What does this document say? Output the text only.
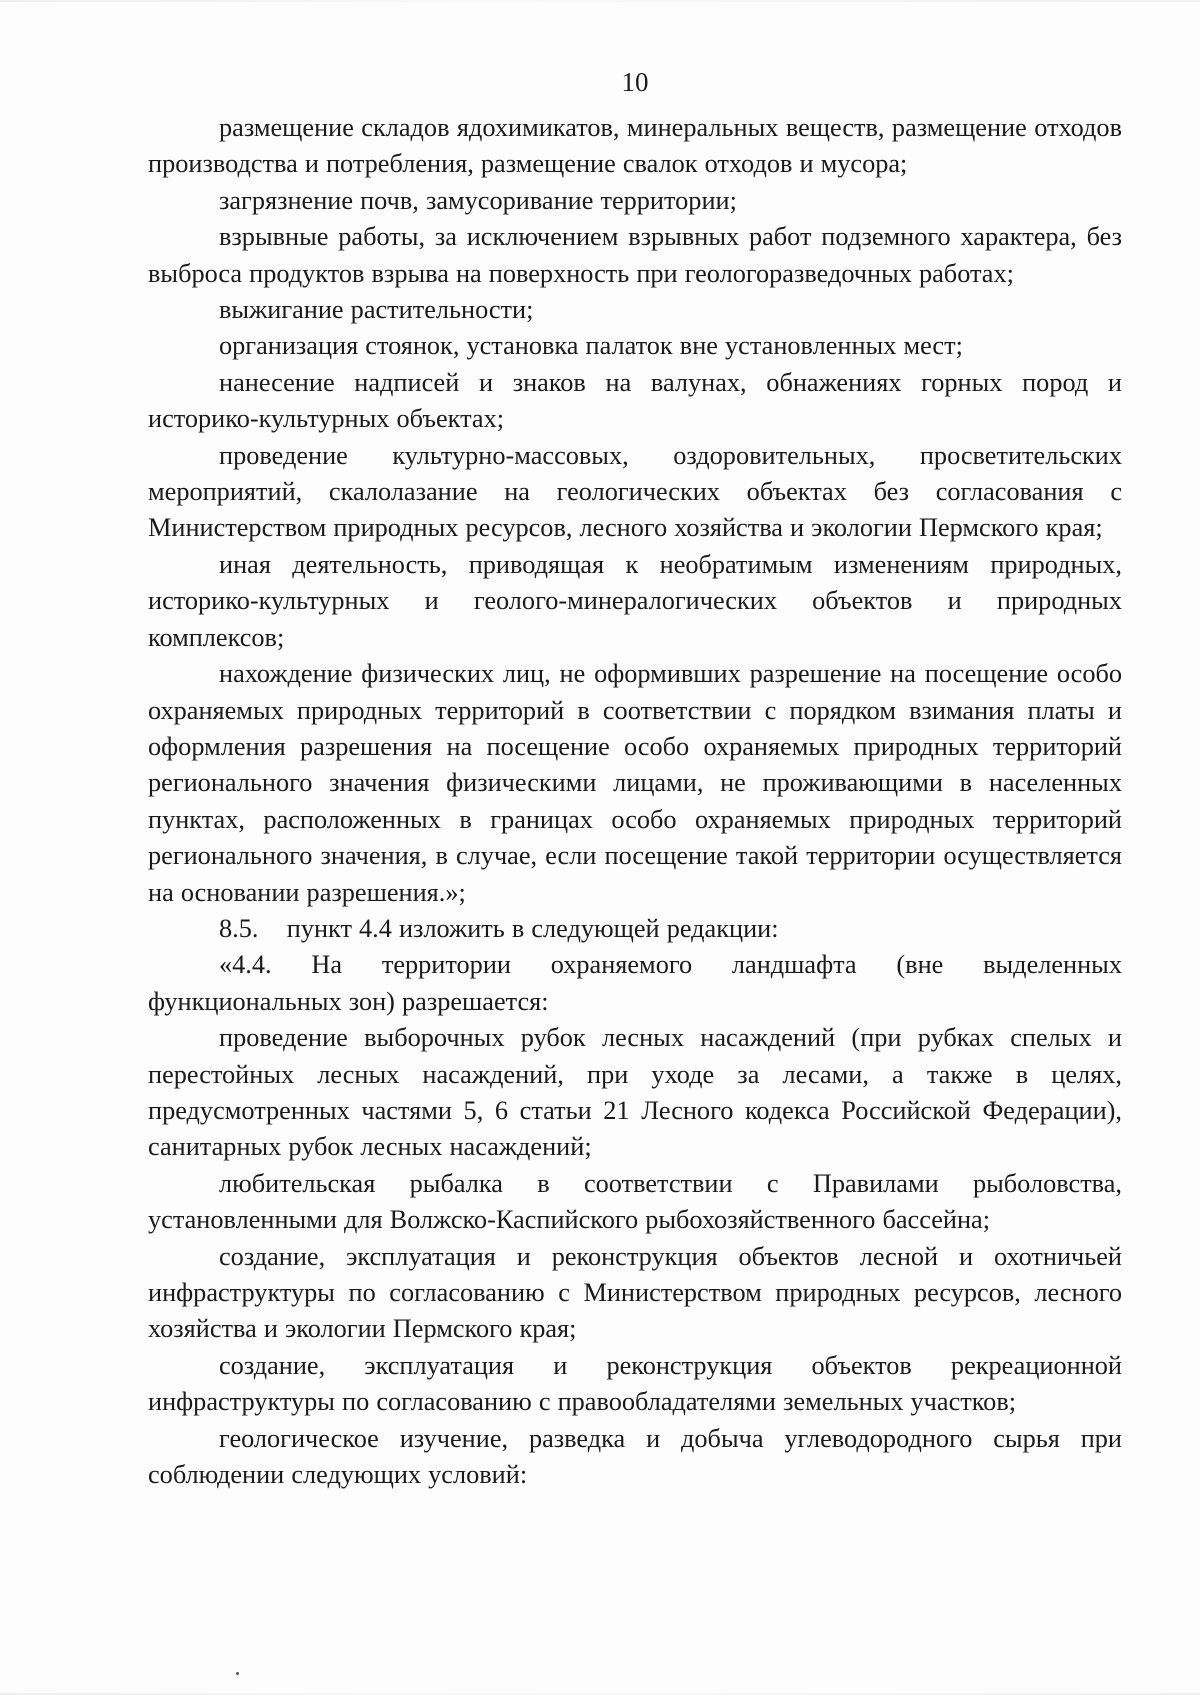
10

размещение складов ядохимикатов, минеральных веществ, размещение отходов производства и потребления, размещение свалок отходов и мусора;

загрязнение почв, замусоривание территории;

взрывные работы, за исключением взрывных работ подземного характера, без выброса продуктов взрыва на поверхность при геологоразведочных работах;

выжигание растительности;

организация стоянок, установка палаток вне установленных мест;

нанесение надписей и знаков на валунах, обнажениях горных пород и историко-культурных объектах;

проведение культурно-массовых, оздоровительных, просветительских мероприятий, скалолазание на геологических объектах без согласования с Министерством природных ресурсов, лесного хозяйства и экологии Пермского края;

иная деятельность, приводящая к необратимым изменениям природных, историко-культурных и геолого-минералогических объектов и природных комплексов;

нахождение физических лиц, не оформивших разрешение на посещение особо охраняемых природных территорий в соответствии с порядком взимания платы и оформления разрешения на посещение особо охраняемых природных территорий регионального значения физическими лицами, не проживающими в населенных пунктах, расположенных в границах особо охраняемых природных территорий регионального значения, в случае, если посещение такой территории осуществляется на основании разрешения.»;

8.5.    пункт 4.4 изложить в следующей редакции:

«4.4. На территории охраняемого ландшафта (вне выделенных функциональных зон) разрешается:

проведение выборочных рубок лесных насаждений (при рубках спелых и перестойных лесных насаждений, при уходе за лесами, а также в целях, предусмотренных частями 5, 6 статьи 21 Лесного кодекса Российской Федерации), санитарных рубок лесных насаждений;

любительская рыбалка в соответствии с Правилами рыболовства, установленными для Волжско-Каспийского рыбохозяйственного бассейна;

создание, эксплуатация и реконструкция объектов лесной и охотничьей инфраструктуры по согласованию с Министерством природных ресурсов, лесного хозяйства и экологии Пермского края;

создание, эксплуатация и реконструкция объектов рекреационной инфраструктуры по согласованию с правообладателями земельных участков;

геологическое изучение, разведка и добыча углеводородного сырья при соблюдении следующих условий:
